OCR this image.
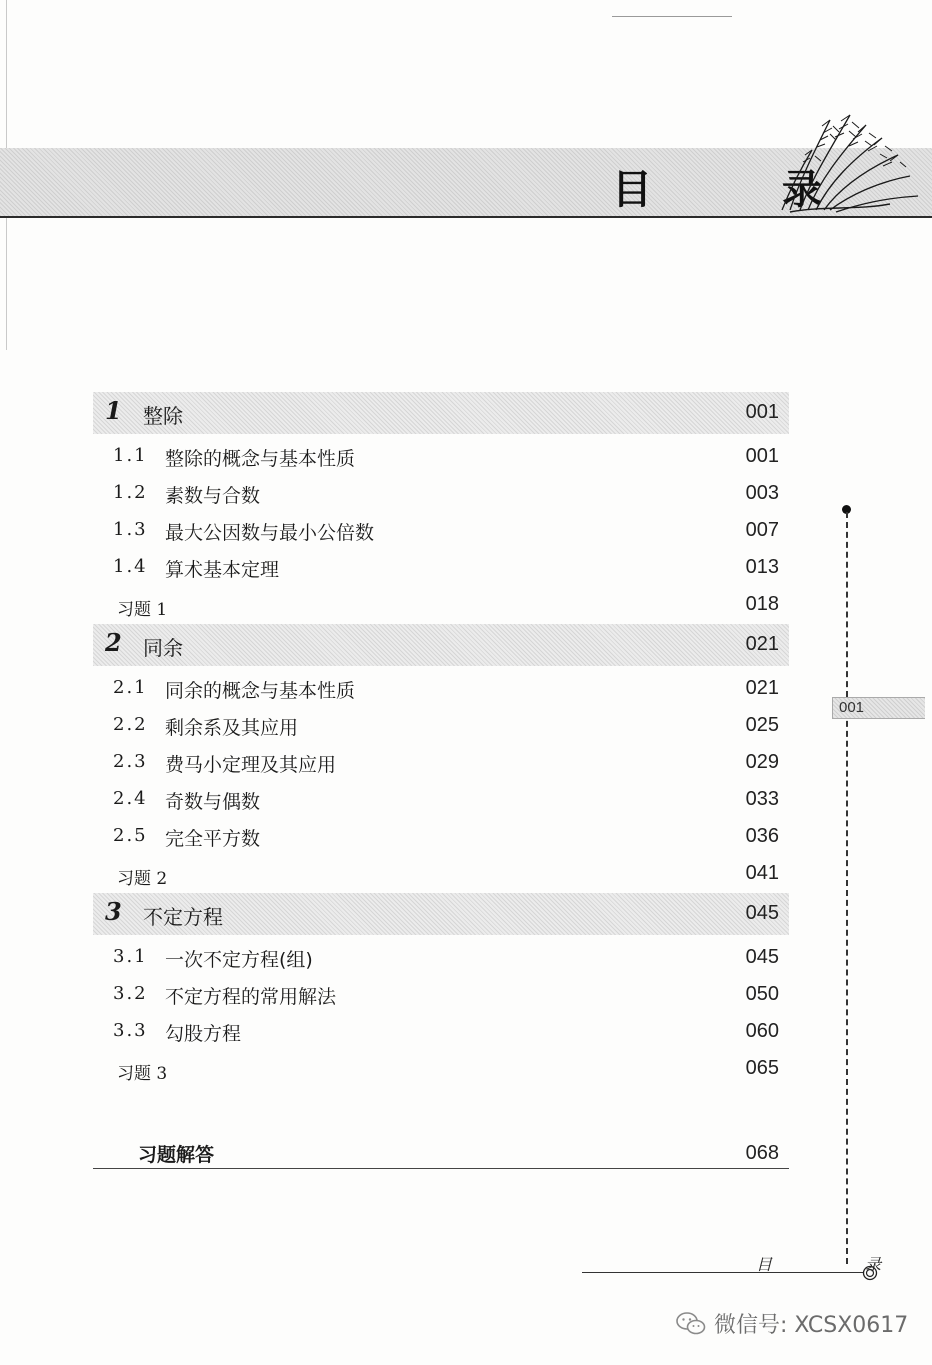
目 录
1 整除	001
1.1 整除的概念与基本性质	001
1.2 素数与合数	003
1.3 最大公因数与最小公倍数	007
1.4 算术基本定理	013
习题 1	018
2 同余	021
2.1 同余的概念与基本性质	021
2.2 剩余系及其应用	025
2.3 费马小定理及其应用	029
2.4 奇数与偶数	033
2.5 完全平方数	036
习题 2	041
3 不定方程	045
3.1 一次不定方程(组)	045
3.2 不定方程的常用解法	050
3.3 勾股方程	060
习题 3	065
习题解答	068
001
目 录
微信号: XCSX0617
